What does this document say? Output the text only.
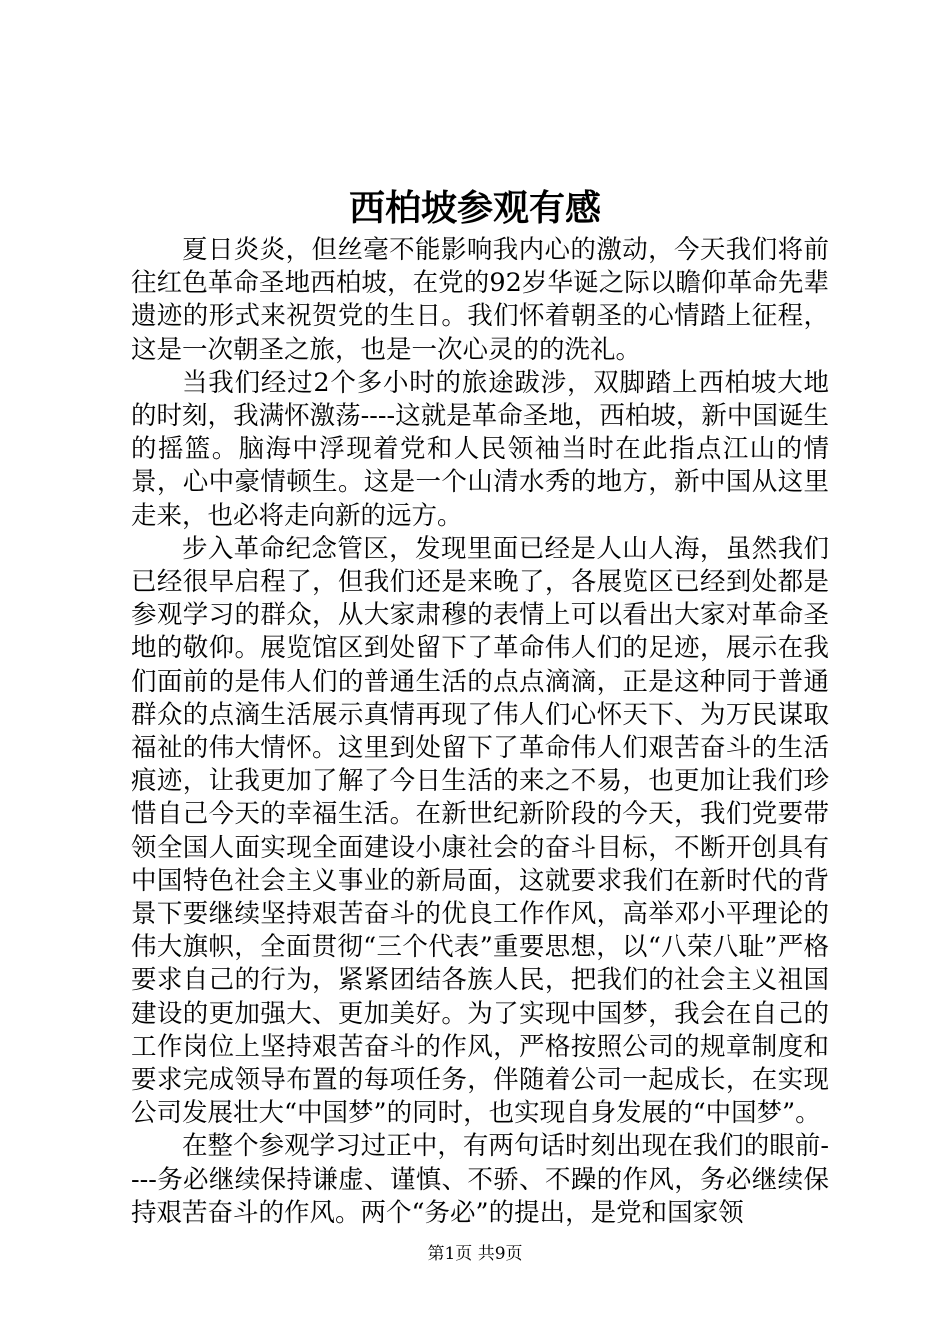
西柏坡参观有感

夏日炎炎，但丝毫不能影响我内心的激动，今天我们将前往红色革命圣地西柏坡，在党的92岁华诞之际以瞻仰革命先辈遗迹的形式来祝贺党的生日。我们怀着朝圣的心情踏上征程，这是一次朝圣之旅，也是一次心灵的的洗礼。

当我们经过2个多小时的旅途跋涉，双脚踏上西柏坡大地的时刻，我满怀激荡----这就是革命圣地，西柏坡，新中国诞生的摇篮。脑海中浮现着党和人民领袖当时在此指点江山的情景，心中豪情顿生。这是一个山清水秀的地方，新中国从这里走来，也必将走向新的远方。

步入革命纪念管区，发现里面已经是人山人海，虽然我们已经很早启程了，但我们还是来晚了，各展览区已经到处都是参观学习的群众，从大家肃穆的表情上可以看出大家对革命圣地的敬仰。展览馆区到处留下了革命伟人们的足迹，展示在我们面前的是伟人们的普通生活的点点滴滴，正是这种同于普通群众的点滴生活展示真情再现了伟人们心怀天下、为万民谋取福祉的伟大情怀。这里到处留下了革命伟人们艰苦奋斗的生活痕迹，让我更加了解了今日生活的来之不易，也更加让我们珍惜自己今天的幸福生活。在新世纪新阶段的今天，我们党要带领全国人面实现全面建设小康社会的奋斗目标，不断开创具有中国特色社会主义事业的新局面，这就要求我们在新时代的背景下要继续坚持艰苦奋斗的优良工作作风，高举邓小平理论的伟大旗帜，全面贯彻“三个代表”重要思想，以“八荣八耻”严格要求自己的行为，紧紧团结各族人民，把我们的社会主义祖国建设的更加强大、更加美好。为了实现中国梦，我会在自己的工作岗位上坚持艰苦奋斗的作风，严格按照公司的规章制度和要求完成领导布置的每项任务，伴随着公司一起成长，在实现公司发展壮大“中国梦”的同时，也实现自身发展的“中国梦”。

在整个参观学习过正中，有两句话时刻出现在我们的眼前----务必继续保持谦虚、谨慎、不骄、不躁的作风，务必继续保持艰苦奋斗的作风。两个“务必”的提出，是党和国家领

第1页 共9页
